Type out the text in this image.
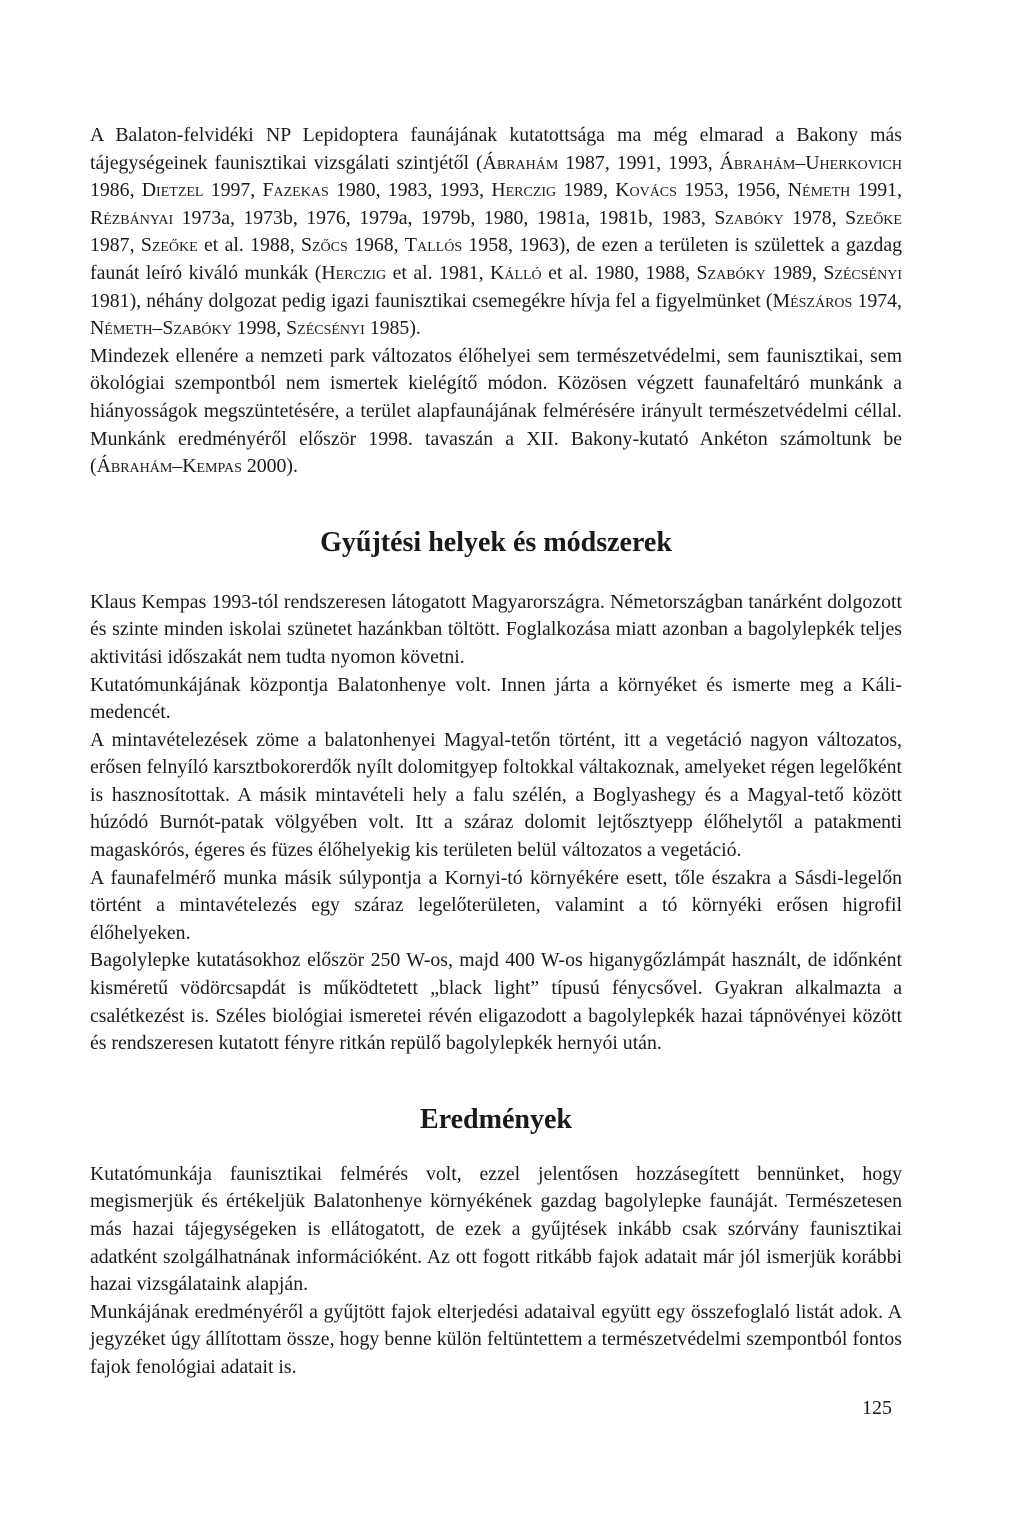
A Balaton-felvidéki NP Lepidoptera faunájának kutatottsága ma még elmarad a Bakony más tájegységeinek faunisztikai vizsgálati szintjétől (Ábrahám 1987, 1991, 1993, Ábrahám–Uherkovich 1986, Dietzel 1997, Fazekas 1980, 1983, 1993, Herczig 1989, Kovács 1953, 1956, Németh 1991, Rézbányai 1973a, 1973b, 1976, 1979a, 1979b, 1980, 1981a, 1981b, 1983, Szabóky 1978, Szeőke 1987, Szeőke et al. 1988, Szőcs 1968, Tallós 1958, 1963), de ezen a területen is születtek a gazdag faunát leíró kiváló munkák (Herczig et al. 1981, Kálló et al. 1980, 1988, Szabóky 1989, Szécsényi 1981), néhány dolgozat pedig igazi faunisztikai csemegékre hívja fel a figyelmünket (Mészáros 1974, Németh–Szabóky 1998, Szécsényi 1985).

Mindezek ellenére a nemzeti park változatos élőhelyei sem természetvédelmi, sem faunisztikai, sem ökológiai szempontból nem ismertek kielégítő módon. Közösen végzett faunafeltáró munkánk a hiányosságok megszüntetésére, a terület alapfaunájának felmérésére irányult természetvédelmi céllal. Munkánk eredményéről először 1998. tavaszán a XII. Bakony-kutató Ankéton számoltunk be (Ábrahám–Kempas 2000).

Gyűjtési helyek és módszerek

Klaus Kempas 1993-tól rendszeresen látogatott Magyarországra. Németországban tanárként dolgozott és szinte minden iskolai szünetet hazánkban töltött. Foglalkozása miatt azonban a bagolylepkék teljes aktivitási időszakát nem tudta nyomon követni.

Kutatómunkájának központja Balatonhenye volt. Innen járta a környéket és ismerte meg a Káli-medencét.

A mintavételezések zöme a balatonhenyei Magyal-tetőn történt, itt a vegetáció nagyon változatos, erősen felnyíló karsztbokorerdők nyílt dolomitgyep foltokkal váltakoznak, amelyeket régen legelőként is hasznosítottak. A másik mintavételi hely a falu szélén, a Boglyashegy és a Magyal-tető között húzódó Burnót-patak völgyében volt. Itt a száraz dolomit lejtősztyepp élőhelytől a patakmenti magaskórós, égeres és füzes élőhelyekig kis területen belül változatos a vegetáció.

A faunafelmérő munka másik súlypontja a Kornyi-tó környékére esett, tőle északra a Sásdi-legelőn történt a mintavételezés egy száraz legelőterületen, valamint a tó környéki erősen higrofil élőhelyeken.

Bagolylepke kutatásokhoz először 250 W-os, majd 400 W-os higanygőzlámpát használt, de időnként kisméretű vödörcsapdát is működtetett „black light” típusú fénycsővel. Gyakran alkalmazta a csalétkezést is. Széles biológiai ismeretei révén eligazodott a bagolylepkék hazai tápnövényei között és rendszeresen kutatott fényre ritkán repülő bagolylepkék hernyói után.

Eredmények

Kutatómunkája faunisztikai felmérés volt, ezzel jelentősen hozzásegített bennünket, hogy megismerjük és értékeljük Balatonhenye környékének gazdag bagolylepke faunáját. Természetesen más hazai tájegységeken is ellátogatott, de ezek a gyűjtések inkább csak szórvány faunisztikai adatként szolgálhatnának információként. Az ott fogott ritkább fajok adatait már jól ismerjük korábbi hazai vizsgálataink alapján.

Munkájának eredményéről a gyűjtött fajok elterjedési adataival együtt egy összefoglaló listát adok. A jegyzéket úgy állítottam össze, hogy benne külön feltüntettem a természetvédelmi szempontból fontos fajok fenológiai adatait is.

125
